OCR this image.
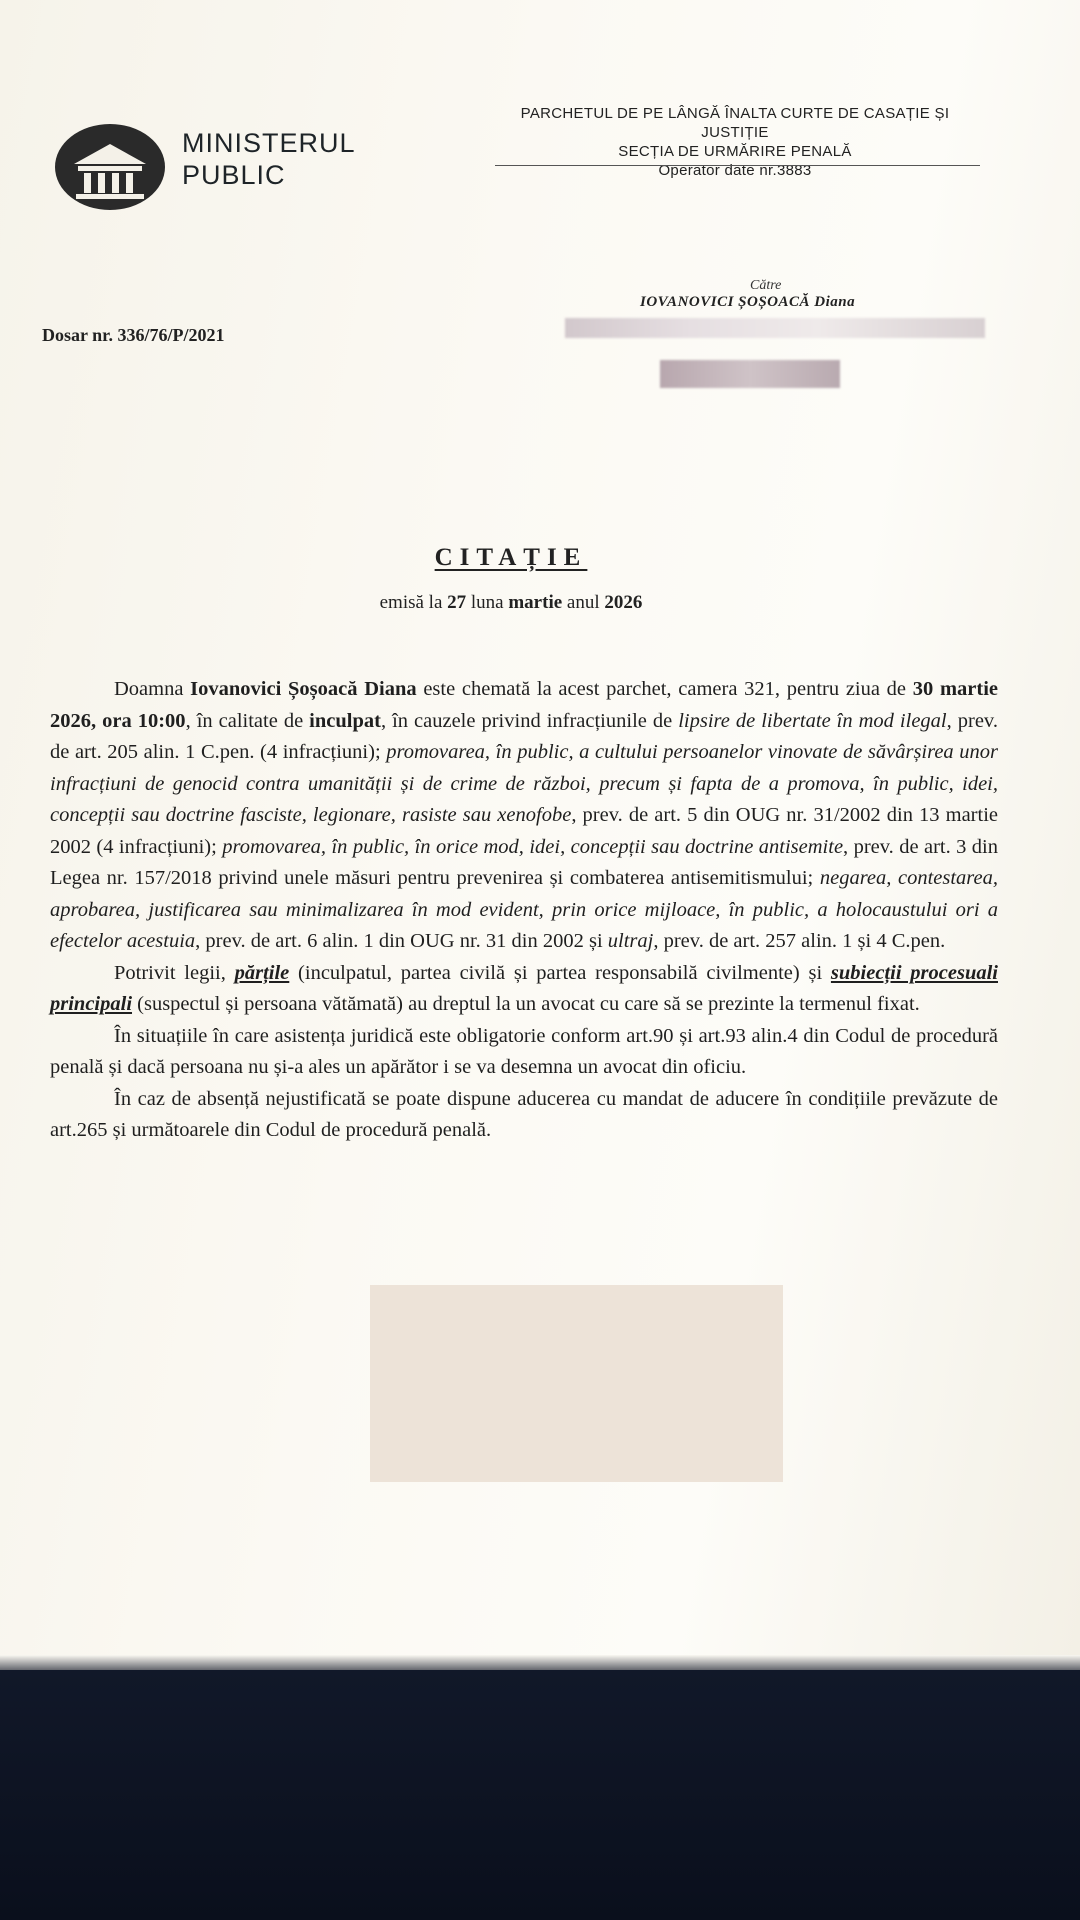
MINISTERUL
PUBLIC
PARCHETUL DE PE LÂNGĂ ÎNALTA CURTE DE CASAȚIE ȘI
JUSTIȚIE
SECȚIA DE URMĂRIRE PENALĂ
Operator date nr.3883
Dosar nr. 336/76/P/2021
Către
IOVANOVICI ȘOȘOACĂ Diana
CITAȚIE
emisă la 27 luna martie anul 2026

Doamna Iovanovici Șoșoacă Diana este chemată la acest parchet, camera 321, pentru ziua de 30 martie 2026, ora 10:00, în calitate de inculpat, în cauzele privind infracțiunile de lipsire de libertate în mod ilegal, prev. de art. 205 alin. 1 C.pen. (4 infracțiuni); promovarea, în public, a cultului persoanelor vinovate de săvârșirea unor infracțiuni de genocid contra umanității și de crime de război, precum și fapta de a promova, în public, idei, concepții sau doctrine fasciste, legionare, rasiste sau xenofobe, prev. de art. 5 din OUG nr. 31/2002 din 13 martie 2002 (4 infracțiuni); promovarea, în public, în orice mod, idei, concepții sau doctrine antisemite, prev. de art. 3 din Legea nr. 157/2018 privind unele măsuri pentru prevenirea și combaterea antisemitismului; negarea, contestarea, aprobarea, justificarea sau minimalizarea în mod evident, prin orice mijloace, în public, a holocaustului ori a efectelor acestuia, prev. de art. 6 alin. 1 din OUG nr. 31 din 2002 și ultraj, prev. de art. 257 alin. 1 și 4 C.pen.

Potrivit legii, părțile (inculpatul, partea civilă și partea responsabilă civilmente) și subiecții procesuali principali (suspectul și persoana vătămată) au dreptul la un avocat cu care să se prezinte la termenul fixat.

În situațiile în care asistența juridică este obligatorie conform art.90 și art.93 alin.4 din Codul de procedură penală și dacă persoana nu și-a ales un apărător i se va desemna un avocat din oficiu.

În caz de absență nejustificată se poate dispune aducerea cu mandat de aducere în condițiile prevăzute de art.265 și următoarele din Codul de procedură penală.
